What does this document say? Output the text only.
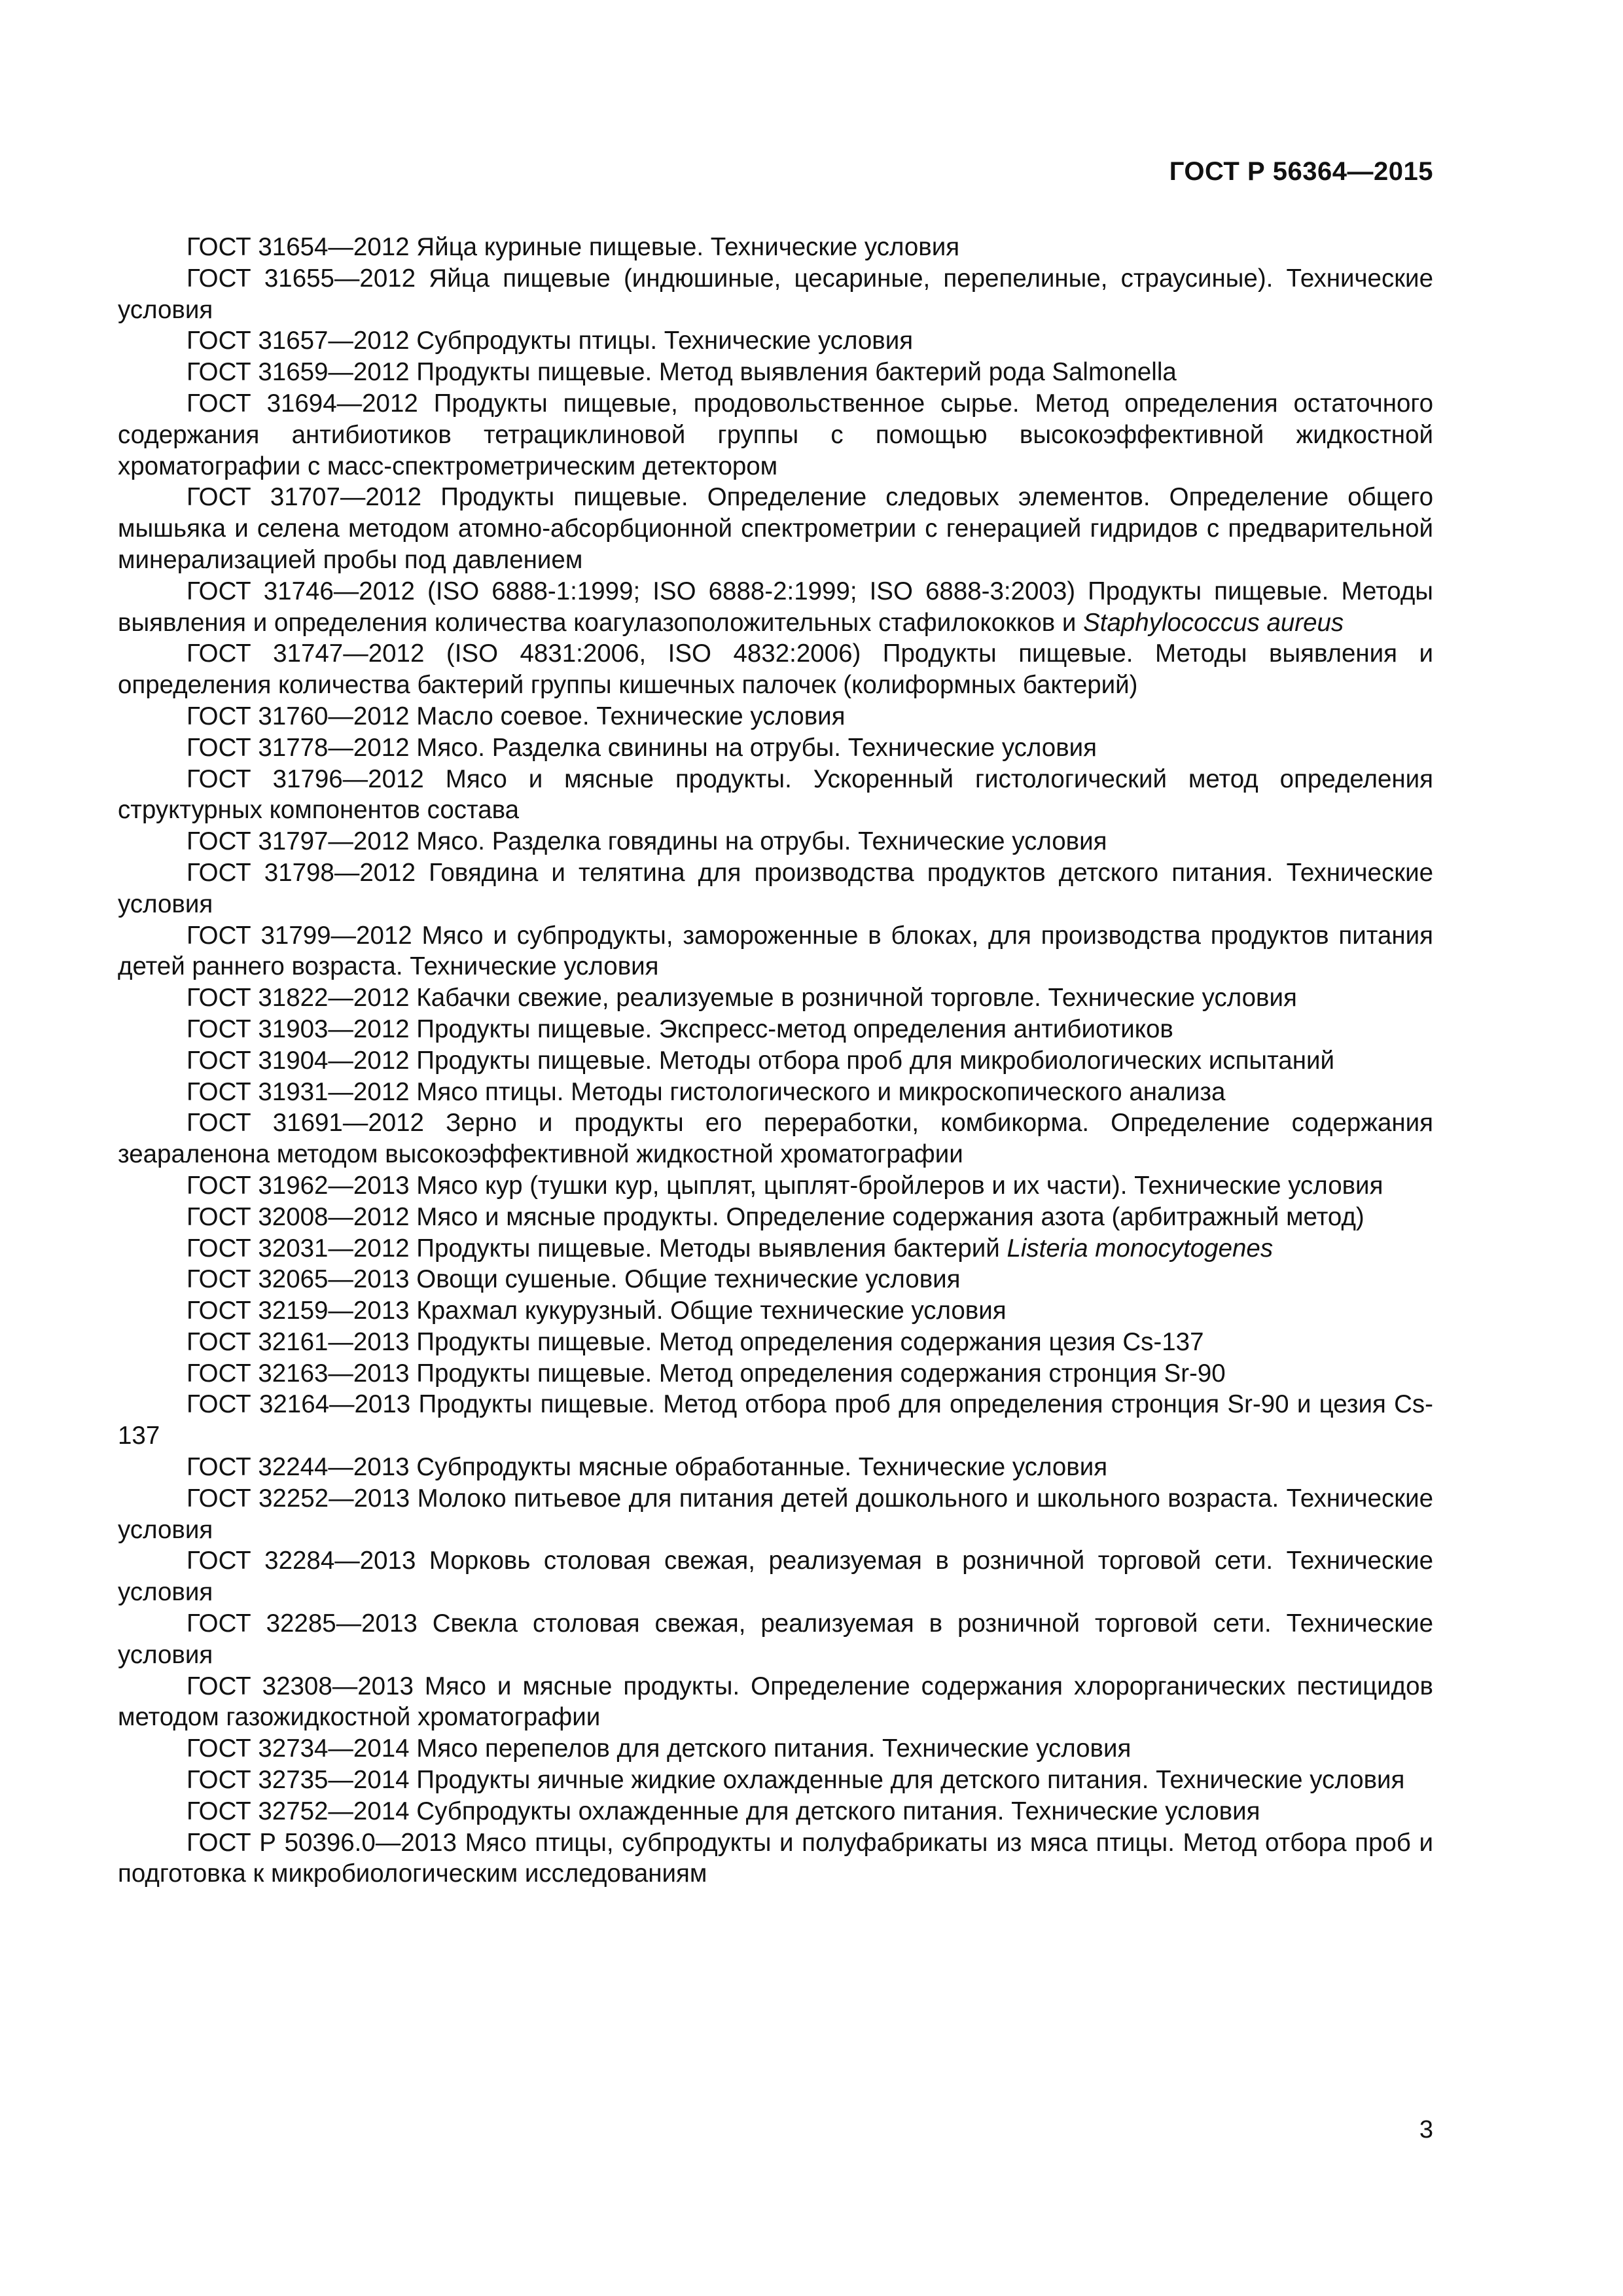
ГОСТ Р 56364—2015
ГОСТ 31654—2012 Яйца куриные пищевые. Технические условия
ГОСТ 31655—2012 Яйца пищевые (индюшиные, цесариные, перепелиные, страусиные). Технические условия
ГОСТ 31657—2012 Субпродукты птицы. Технические условия
ГОСТ 31659—2012 Продукты пищевые. Метод выявления бактерий рода Salmonella
ГОСТ 31694—2012 Продукты пищевые, продовольственное сырье. Метод определения остаточного содержания антибиотиков тетрациклиновой группы с помощью высокоэффективной жидкостной хроматографии с масс-спектрометрическим детектором
ГОСТ 31707—2012 Продукты пищевые. Определение следовых элементов. Определение общего мышьяка и селена методом атомно-абсорбционной спектрометрии с генерацией гидридов с предварительной минерализацией пробы под давлением
ГОСТ 31746—2012 (ISO 6888-1:1999; ISO 6888-2:1999; ISO 6888-3:2003) Продукты пищевые. Методы выявления и определения количества коагулазоположительных стафилококков и Staphylococcus aureus
ГОСТ 31747—2012 (ISO 4831:2006, ISO 4832:2006) Продукты пищевые. Методы выявления и определения количества бактерий группы кишечных палочек (колиформных бактерий)
ГОСТ 31760—2012 Масло соевое. Технические условия
ГОСТ 31778—2012 Мясо. Разделка свинины на отрубы. Технические условия
ГОСТ 31796—2012 Мясо и мясные продукты. Ускоренный гистологический метод определения структурных компонентов состава
ГОСТ 31797—2012 Мясо. Разделка говядины на отрубы. Технические условия
ГОСТ 31798—2012 Говядина и телятина для производства продуктов детского питания. Технические условия
ГОСТ 31799—2012 Мясо и субпродукты, замороженные в блоках, для производства продуктов питания детей раннего возраста. Технические условия
ГОСТ 31822—2012 Кабачки свежие, реализуемые в розничной торговле. Технические условия
ГОСТ 31903—2012 Продукты пищевые. Экспресс-метод определения антибиотиков
ГОСТ 31904—2012 Продукты пищевые. Методы отбора проб для микробиологических испытаний
ГОСТ 31931—2012 Мясо птицы. Методы гистологического и микроскопического анализа
ГОСТ 31691—2012 Зерно и продукты его переработки, комбикорма. Определение содержания зеараленона методом высокоэффективной жидкостной хроматографии
ГОСТ 31962—2013 Мясо кур (тушки кур, цыплят, цыплят-бройлеров и их части). Технические условия
ГОСТ 32008—2012 Мясо и мясные продукты. Определение содержания азота (арбитражный метод)
ГОСТ 32031—2012 Продукты пищевые. Методы выявления бактерий Listeria monocytogenes
ГОСТ 32065—2013 Овощи сушеные. Общие технические условия
ГОСТ 32159—2013 Крахмал кукурузный. Общие технические условия
ГОСТ 32161—2013 Продукты пищевые. Метод определения содержания цезия Cs-137
ГОСТ 32163—2013 Продукты пищевые. Метод определения содержания стронция Sr-90
ГОСТ 32164—2013 Продукты пищевые. Метод отбора проб для определения стронция Sr-90 и цезия Cs-137
ГОСТ 32244—2013 Субпродукты мясные обработанные. Технические условия
ГОСТ 32252—2013 Молоко питьевое для питания детей дошкольного и школьного возраста. Технические условия
ГОСТ 32284—2013 Морковь столовая свежая, реализуемая в розничной торговой сети. Технические условия
ГОСТ 32285—2013 Свекла столовая свежая, реализуемая в розничной торговой сети. Технические условия
ГОСТ 32308—2013 Мясо и мясные продукты. Определение содержания хлорорганических пестицидов методом газожидкостной хроматографии
ГОСТ 32734—2014 Мясо перепелов для детского питания. Технические условия
ГОСТ 32735—2014 Продукты яичные жидкие охлажденные для детского питания. Технические условия
ГОСТ 32752—2014 Субпродукты охлажденные для детского питания. Технические условия
ГОСТ Р 50396.0—2013 Мясо птицы, субпродукты и полуфабрикаты из мяса птицы. Метод отбора проб и подготовка к микробиологическим исследованиям
3
